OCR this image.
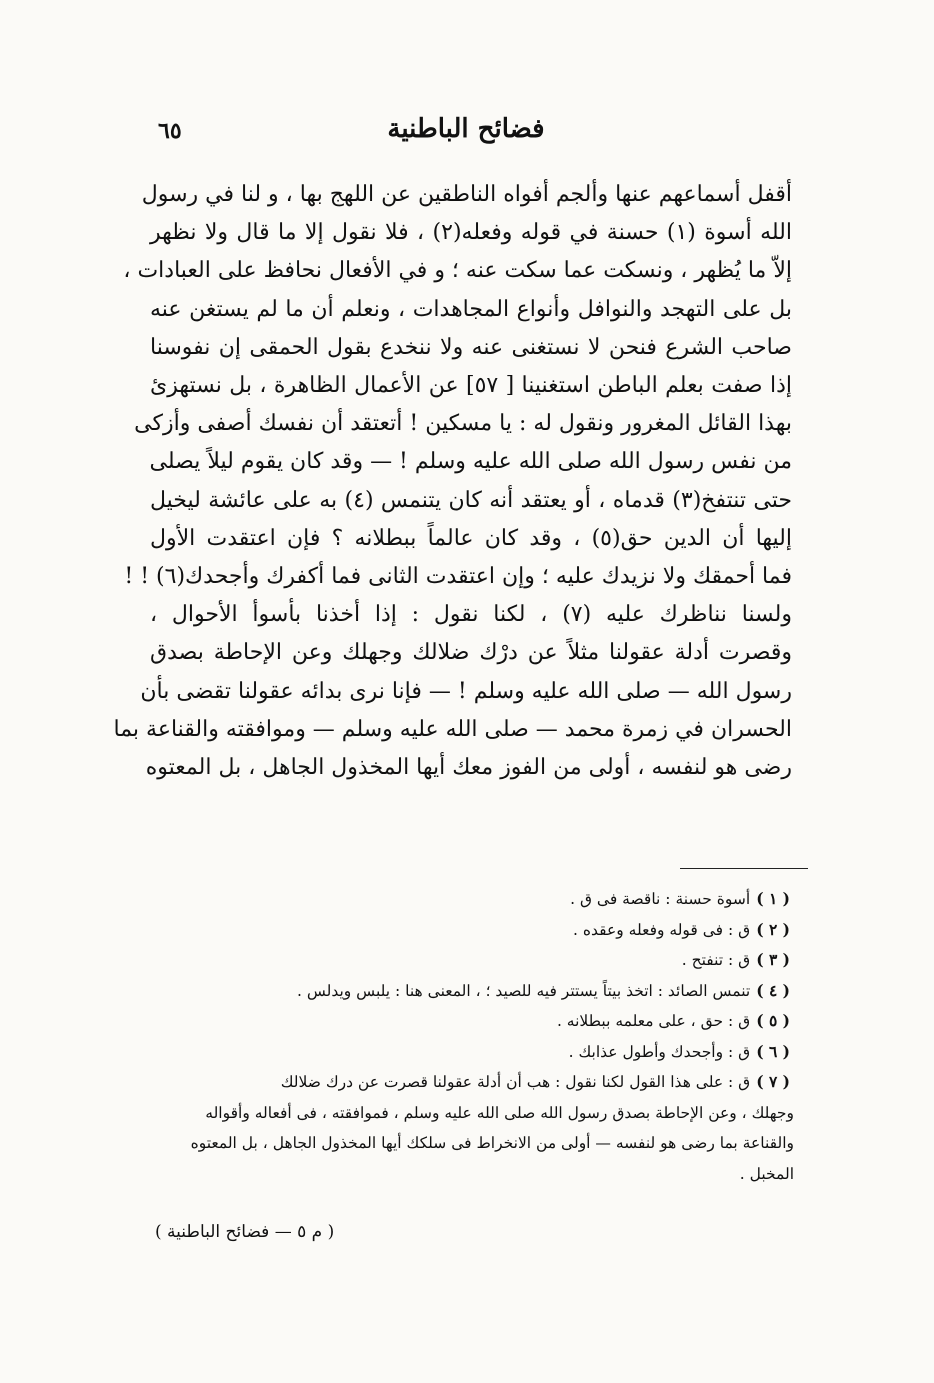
فضائح الباطنية
٦٥

أقفل أسماعهم عنها وألجم أفواه الناطقين عن اللهج بها ، و لنا في رسول

الله أسوة (١) حسنة في قوله وفعله(٢) ، فلا نقول إلا ما قال ولا نظهر

إلاّ ما يُظهر ، ونسكت عما سكت عنه ؛ و في الأفعال نحافظ على العبادات ،

بل على التهجد والنوافل وأنواع المجاهدات ، ونعلم أن ما لم يستغن عنه

صاحب الشرع فنحن لا نستغنى عنه ولا ننخدع بقول الحمقى إن نفوسنا

إذا صفت بعلم الباطن استغنينا [ ٥٧] عن الأعمال الظاهرة ، بل نستهزئ

بهذا القائل المغرور ونقول له : يا مسكين ! أتعتقد أن نفسك أصفى وأزكى

من نفس رسول الله صلى الله عليه وسلم ! — وقد كان يقوم ليلاً يصلى

حتى تنتفخ(٣) قدماه ، أو يعتقد أنه كان يتنمس (٤) به على عائشة ليخيل

إليها أن الدين حق(٥) ، وقد كان عالماً ببطلانه ؟ فإن اعتقدت الأول

فما أحمقك ولا نزيدك عليه ؛ وإن اعتقدت الثانى فما أكفرك وأجحدك(٦) ! !

ولسنا نناظرك عليه (٧) ، لكنا نقول : إذا أخذنا بأسوأ الأحوال ،

وقصرت أدلة عقولنا مثلاً عن درْك ضلالك وجهلك وعن الإحاطة بصدق

رسول الله — صلى الله عليه وسلم ! — فإنا نرى بدائه عقولنا تقضى بأن

الحسران في زمرة محمد — صلى الله عليه وسلم — وموافقته والقناعة بما

رضى هو لنفسه ، أولى من الفوز معك أيها المخذول الجاهل ، بل المعتوه

( ١ )أسوة حسنة : ناقصة فى ق .

( ٢ )ق : فى قوله وفعله وعقده .

( ٣ )ق : تنفتح .

( ٤ )تنمس الصائد : اتخذ بيتاً يستتر فيه للصيد ؛ ، المعنى هنا : يلبس ويدلس .

( ٥ )ق : حق ، على معلمه ببطلانه .

( ٦ )ق : وأجحدك وأطول عذابك .

( ٧ )ق : على هذا القول لكنا نقول : هب أن أدلة عقولنا قصرت عن درك ضلالك

وجهلك ، وعن الإحاطة بصدق رسول الله صلى الله عليه وسلم ، فموافقته ، فى أفعاله وأقواله

والقناعة بما رضى هو لنفسه — أولى من الانخراط فى سلكك أيها المخذول الجاهل ، بل المعتوه

المخبل .

( م ٥ — فضائح الباطنية )
